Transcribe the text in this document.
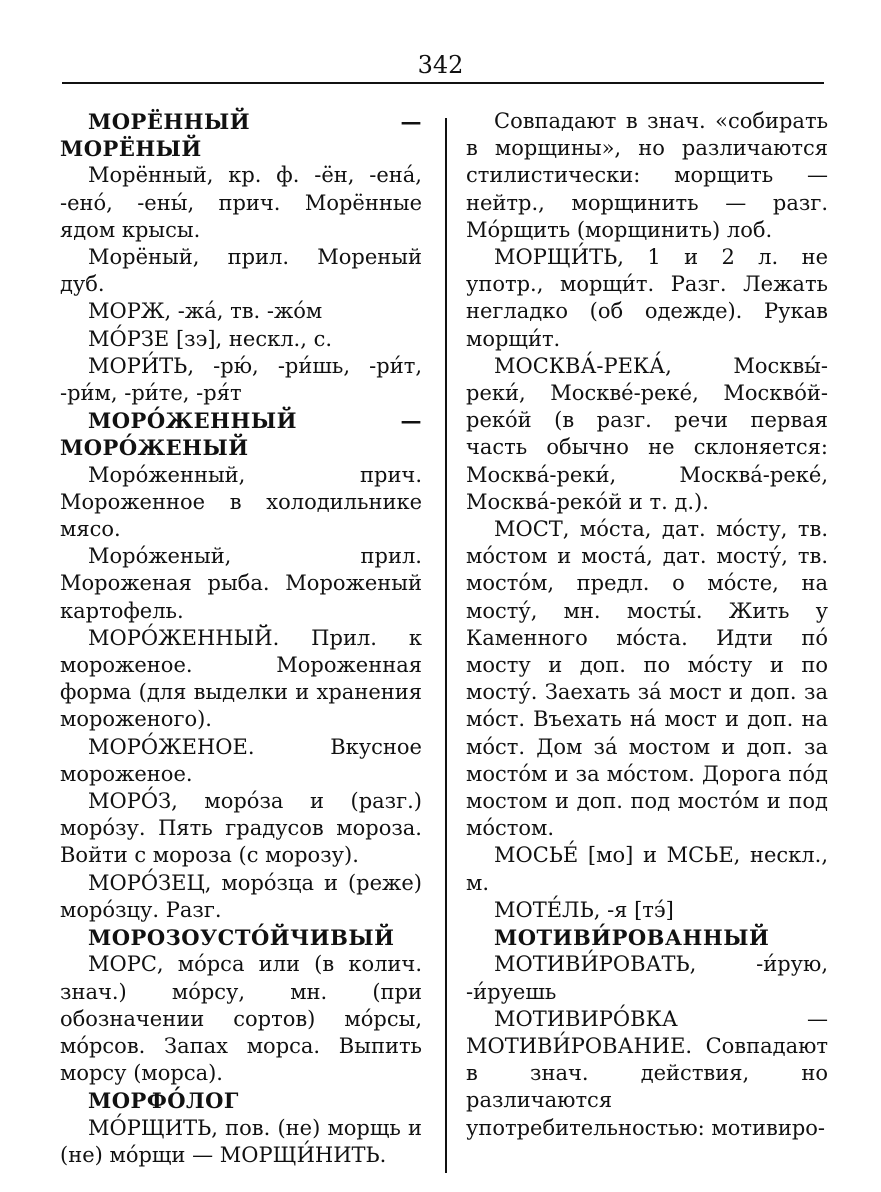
342

МОРЁННЫЙ — МОРЁНЫЙ

Морённый, кр. ф. -ён, -ена́, -ено́, -ены́, прич. Морённые ядом крысы.

Морёный, прил. Мореный дуб.

МОРЖ, -жа́, тв. -жо́м

МО́РЗЕ [зэ], нескл., с.

МОРИ́ТЬ, -рю́, -ри́шь, -ри́т, -ри́м, -ри́те, -ря́т

МОРО́ЖЕННЫЙ — МОРО́ЖЕНЫЙ

Моро́женный, прич. Мороженное в холодильнике мясо.

Моро́женый, прил. Мороженая рыба. Мороженый картофель.

МОРО́ЖЕННЫЙ. Прил. к мороженое. Мороженная форма (для выделки и хранения мороженого).

МОРО́ЖЕНОЕ. Вкусное мороженое.

МОРО́З, моро́за и (разг.) моро́зу. Пять градусов мороза. Войти с мороза (с морозу).

МОРО́ЗЕЦ, моро́зца и (реже) моро́зцу. Разг.

МОРОЗОУСТО́ЙЧИВЫЙ

МОРС, мо́рса или (в колич. знач.) мо́рсу, мн. (при обозначении сортов) мо́рсы, мо́рсов. Запах морса. Выпить морсу (морса).

МОРФО́ЛОГ

МО́РЩИТЬ, пов. (не) морщь и (не) мо́рщи — МОРЩИ́НИТЬ.

Совпадают в знач. «собирать в морщины», но различаются стилистически: морщить — нейтр., морщинить — разг. Мо́рщить (морщинить) лоб.

МОРЩИ́ТЬ, 1 и 2 л. не употр., морщи́т. Разг. Лежать негладко (об одежде). Рукав морщи́т.

МОСКВА́-РЕКА́, Москвы́-реки́, Москве́-реке́, Москво́й-реко́й (в разг. речи первая часть обычно не склоняется: Москва́-реки́, Москва́-реке́, Москва́-реко́й и т. д.).

МОСТ, мо́ста, дат. мо́сту, тв. мо́стом и моста́, дат. мосту́, тв. мосто́м, предл. о мо́сте, на мосту́, мн. мосты́. Жить у Каменного мо́ста. Идти по́ мосту и доп. по мо́сту и по мосту́. Заехать за́ мост и доп. за мо́ст. Въехать на́ мост и доп. на мо́ст. Дом за́ мостом и доп. за мосто́м и за мо́стом. Дорога по́д мостом и доп. под мосто́м и под мо́стом.

МОСЬЕ́ [мо] и МСЬЕ, нескл., м.

МОТЕ́ЛЬ, -я [тэ́]

МОТИВИ́РОВАННЫЙ

МОТИВИ́РОВАТЬ, -и́рую, -и́руешь

МОТИВИРО́ВКА — МОТИВИ́РОВАНИЕ. Совпадают в знач. действия, но различаются употребительностью: мотивиро-
